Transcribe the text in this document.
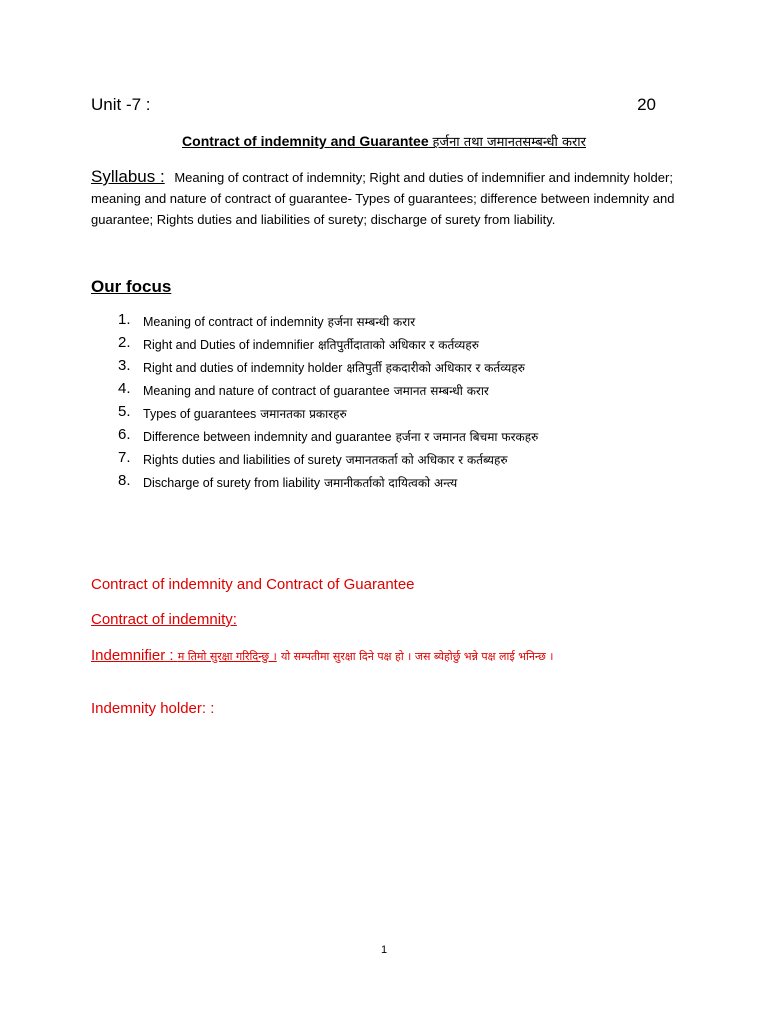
Unit -7 :	20
Contract of indemnity and Guarantee हर्जना तथा जमानतसम्बन्धी करार
Syllabus : Meaning of contract of indemnity; Right and duties of indemnifier and indemnity holder; meaning and nature of contract of guarantee- Types of guarantees; difference between indemnity and guarantee; Rights duties and liabilities of surety; discharge of surety from liability.
Our focus
1. Meaning of contract of indemnity हर्जना सम्बन्धी करार
2. Right and Duties of indemnifier क्षतिपुर्तीदाताको अधिकार र कर्तव्यहरु
3. Right and duties of indemnity holder क्षतिपुर्ती हकदारीको अधिकार र कर्तव्यहरु
4. Meaning and nature of contract of guarantee जमानत सम्बन्धी करार
5. Types of guarantees जमानतका प्रकारहरु
6. Difference between indemnity and guarantee हर्जना र जमानत बिचमा फरकहरु
7. Rights duties and liabilities of surety जमानतकर्ता को अधिकार र कर्तब्यहरु
8. Discharge of surety from liability जमानीकर्ताको दायित्वको अन्त्य
Contract of indemnity and Contract of Guarantee
Contract of indemnity:
Indemnifier : म तिमो सुरक्षा गरिदिन्छु । यो सम्पतीमा सुरक्षा दिने पक्ष हो । जस ब्येहोर्छु भन्ने पक्ष लाई भनिन्छ ।
Indemnity holder: :
1
